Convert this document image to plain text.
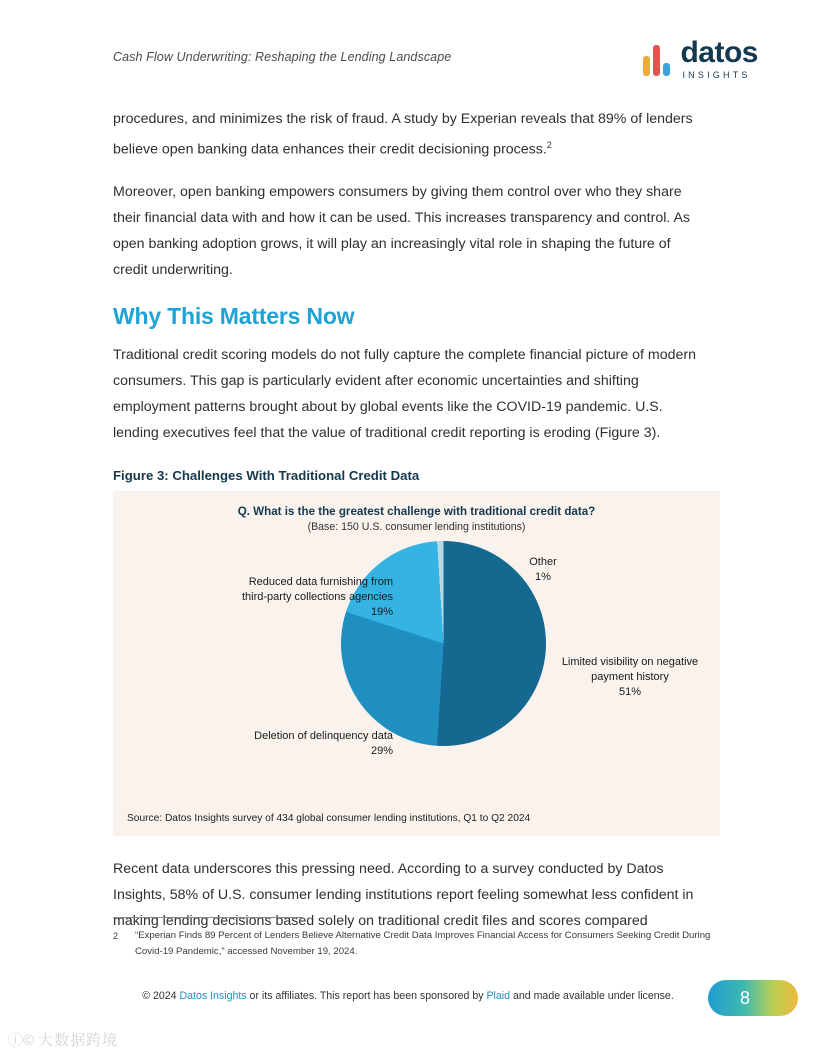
Cash Flow Underwriting: Reshaping the Lending Landscape	datos
INSIGHTS

procedures, and minimizes the risk of fraud. A study by Experian reveals that 89% of lenders believe open banking data enhances their credit decisioning process.$^2$

Moreover, open banking empowers consumers by giving them control over who they share their financial data with and how it can be used. This increases transparency and control. As open banking adoption grows, it will play an increasingly vital role in shaping the future of credit underwriting.

Why This Matters Now

Traditional credit scoring models do not fully capture the complete financial picture of modern consumers. This gap is particularly evident after economic uncertainties and shifting employment patterns brought about by global events like the COVID-19 pandemic. U.S. lending executives feel that the value of traditional credit reporting is eroding (Figure 3).

Figure 3: Challenges With Traditional Credit Data
Q. What is the the greatest challenge with traditional credit data?
(Base: 150 U.S. consumer lending institutions)
Other
1%
Reduced data furnishing from
third-party collections agencies
19%
Deletion of delinquency data
29%
Limited visibility on negative
payment history
51%
Source: Datos Insights survey of 434 global consumer lending institutions, Q1 to Q2 2024

Recent data underscores this pressing need. According to a survey conducted by Datos Insights, 58% of U.S. consumer lending institutions report feeling somewhat less confident in making lending decisions based solely on traditional credit files and scores compared

2 “Experian Finds 89 Percent of Lenders Believe Alternative Credit Data Improves Financial Access for Consumers Seeking Credit During Covid-19 Pandemic,” accessed November 19, 2024.
© 2024 Datos Insights or its affiliates. This report has been sponsored by Plaid and made available under license.	8
ⓘ© 大数据跨境
